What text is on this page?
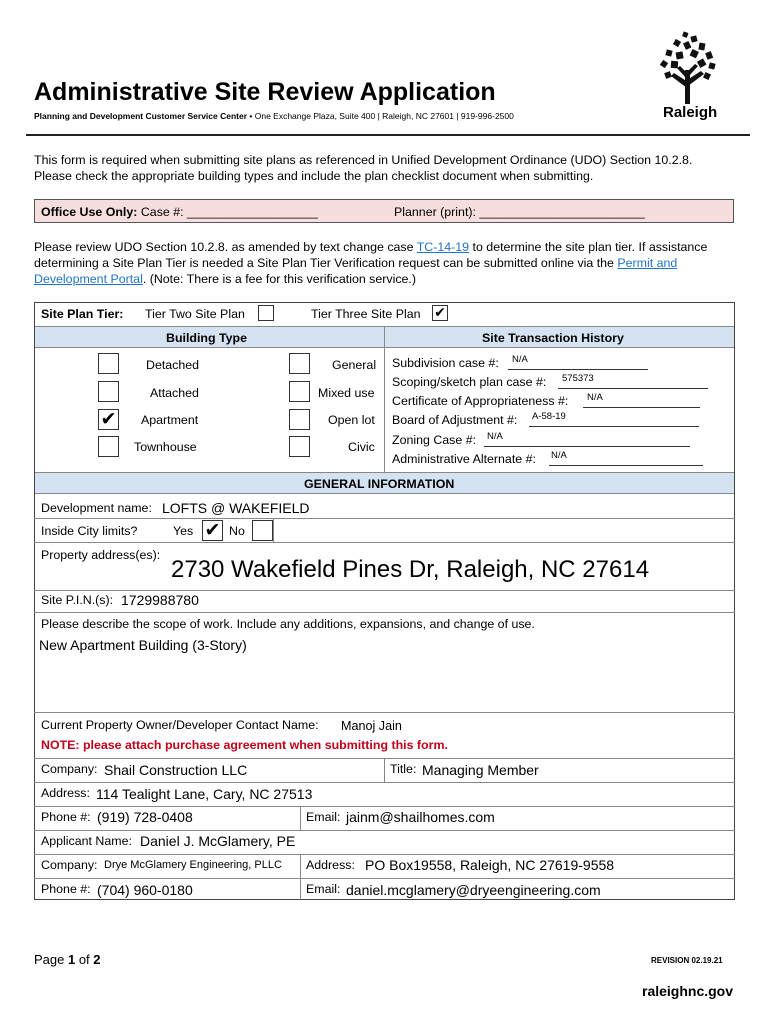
Administrative Site Review Application
Planning and Development Customer Service Center • One Exchange Plaza, Suite 400 | Raleigh, NC 27601 | 919-996-2500	Raleigh
This form is required when submitting site plans as referenced in Unified Development Ordinance (UDO) Section 10.2.8. Please check the appropriate building types and include the plan checklist document when submitting.
Office Use Only: Case #: ___________________	Planner (print): ________________________
Please review UDO Section 10.2.8. as amended by text change case TC-14-19 to determine the site plan tier. If assistance determining a Site Plan Tier is needed a Site Plan Tier Verification request can be submitted online via the Permit and Development Portal. (Note: There is a fee for this verification service.)
Site Plan Tier: Tier Two Site Plan	Tier Three Site Plan ✔
Building Type	Site Transaction History
Detached
Attached
✔ Apartment
Townhouse
General
Mixed use
Open lot
Civic
Subdivision case #: N/A
Scoping/sketch plan case #: 575373
Certificate of Appropriateness #: N/A
Board of Adjustment #: A-58-19
Zoning Case #: N/A
Administrative Alternate #: N/A
GENERAL INFORMATION
Development name: LOFTS @ WAKEFIELD
Inside City limits?	Yes ✔ No
Property address(es):
2730 Wakefield Pines Dr, Raleigh, NC 27614
Site P.I.N.(s): 1729988780
Please describe the scope of work. Include any additions, expansions, and change of use.
New Apartment Building (3-Story)
Current Property Owner/Developer Contact Name: Manoj Jain
NOTE: please attach purchase agreement when submitting this form.
Company: Shail Construction LLC	Title: Managing Member
Address: 114 Tealight Lane, Cary, NC 27513
Phone #: (919) 728-0408	Email: jainm@shailhomes.com
Applicant Name: Daniel J. McGlamery, PE
Company: Drye McGlamery Engineering, PLLC Address: PO Box19558, Raleigh, NC 27619-9558
Phone #: (704) 960-0180	Email: daniel.mcglamery@dryeengineering.com
Page 1 of 2	REVISION 02.19.21
raleighnc.gov
